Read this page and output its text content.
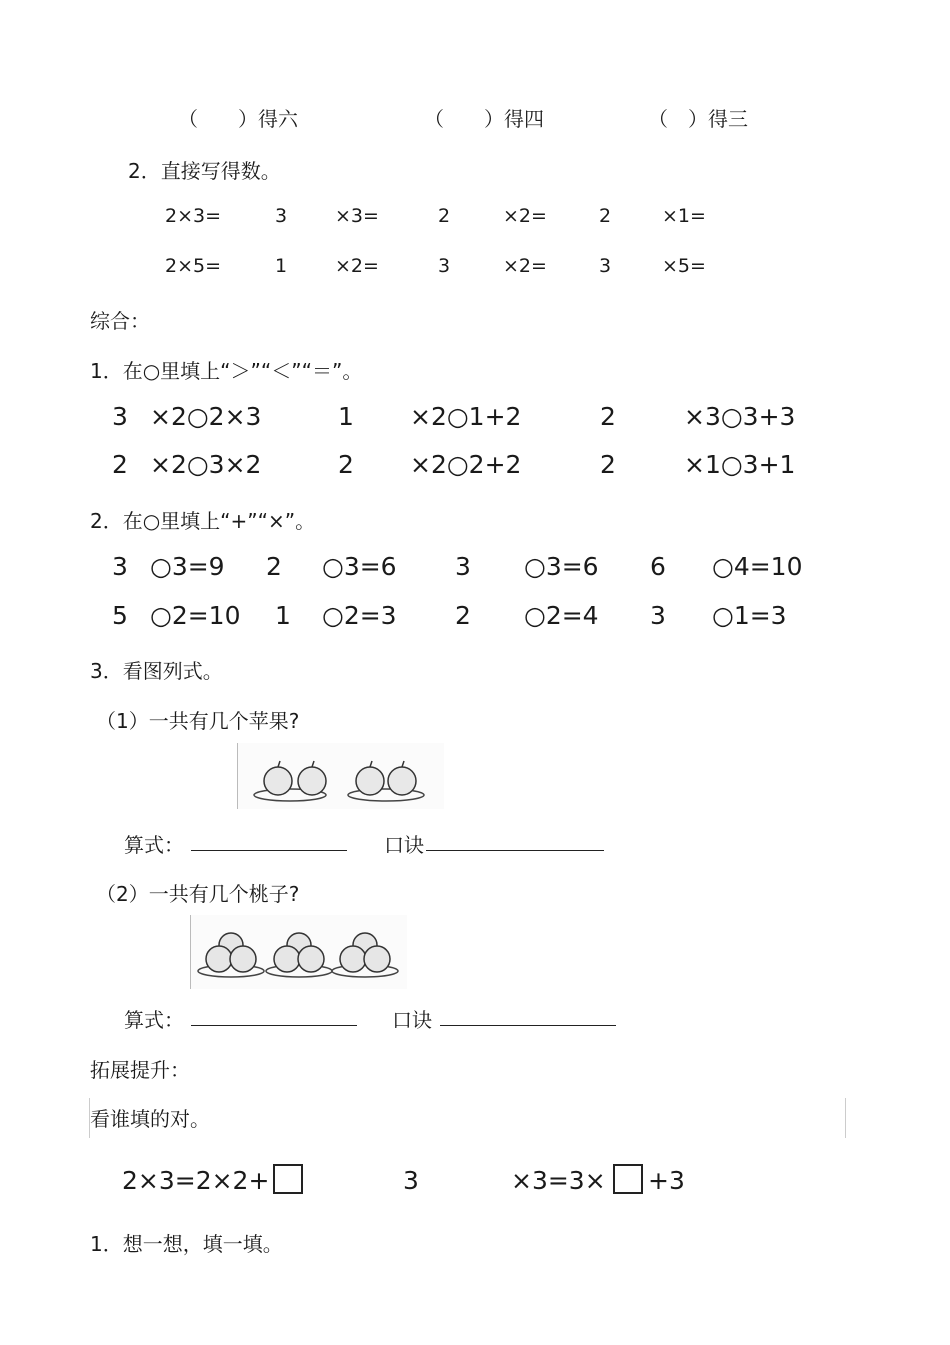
（　　）得六	（　　）得四	（　）得三
2．直接写得数。
2×3=	3	×3=	2	×2=	2	×1=
2×5=	1	×2=	3	×2=	3	×5=
综合：
1．在○里填上“＞”“＜”“＝”。
3 ×2○2×3	1 ×2○1+2	2	×3○3+3
2 ×2○3×2	2 ×2○2+2	2	×1○3+1
2．在○里填上“+”“×”。
3 ○3=9 2 ○3=6 3 ○3=6 6 ○4=10
5 ○2=10 1 ○2=3 2 ○2=4 3 ○1=3
3．看图列式。
（1）一共有几个苹果?
算式：	口诀
（2）一共有几个桃子?
算式：	口诀
拓展提升：
看谁填的对。
2×3=2×2+	3	×3=3× +3
1．想一想，填一填。
